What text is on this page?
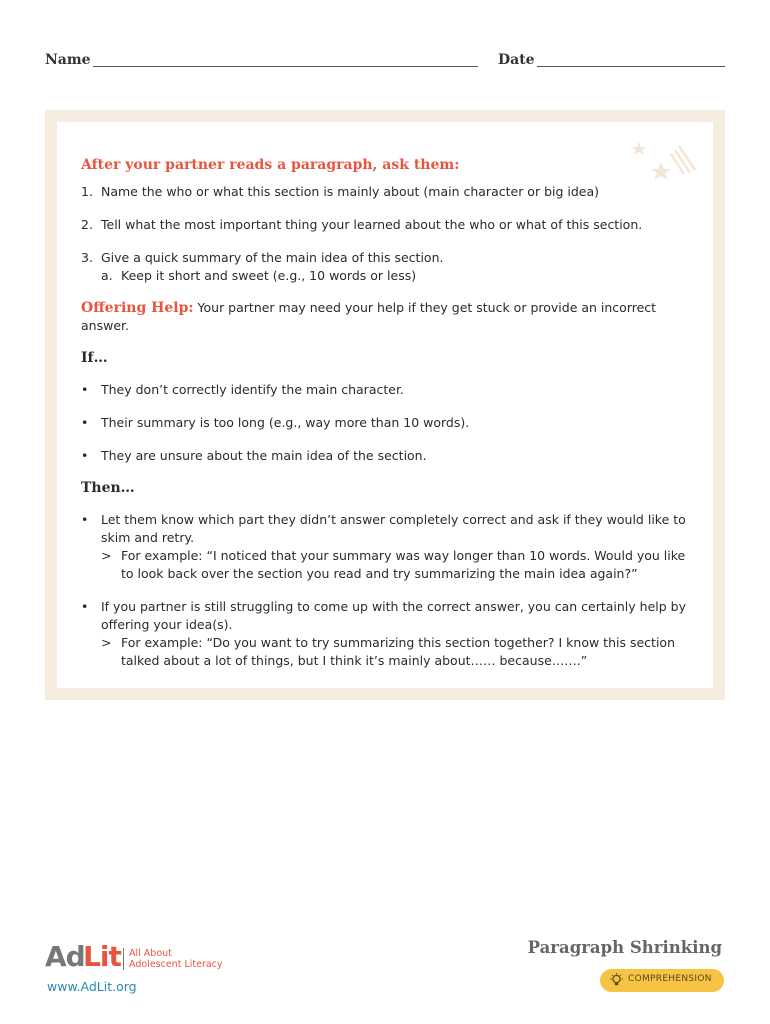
Name	Date
After your partner reads a paragraph, ask them:
1. Name the who or what this section is mainly about (main character or big idea)
2. Tell what the most important thing your learned about the who or what of this section.
3. Give a quick summary of the main idea of this section.
a. Keep it short and sweet (e.g., 10 words or less)
Offering Help: Your partner may need your help if they get stuck or provide an incorrect answer.
If…
• They don’t correctly identify the main character.
• Their summary is too long (e.g., way more than 10 words).
• They are unsure about the main idea of the section.
Then…
• Let them know which part they didn’t answer completely correct and ask if they would like to skim and retry.
> For example: “I noticed that your summary was way longer than 10 words. Would you like to look back over the section you read and try summarizing the main idea again?”
• If you partner is still struggling to come up with the correct answer, you can certainly help by offering your idea(s).
> For example: “Do you want to try summarizing this section together? I know this section talked about a lot of things, but I think it’s mainly about…… because…….”
Ad
Lit All About
Adolescent Literacy
www.AdLit.org
Paragraph Shrinking
COMPREHENSION
